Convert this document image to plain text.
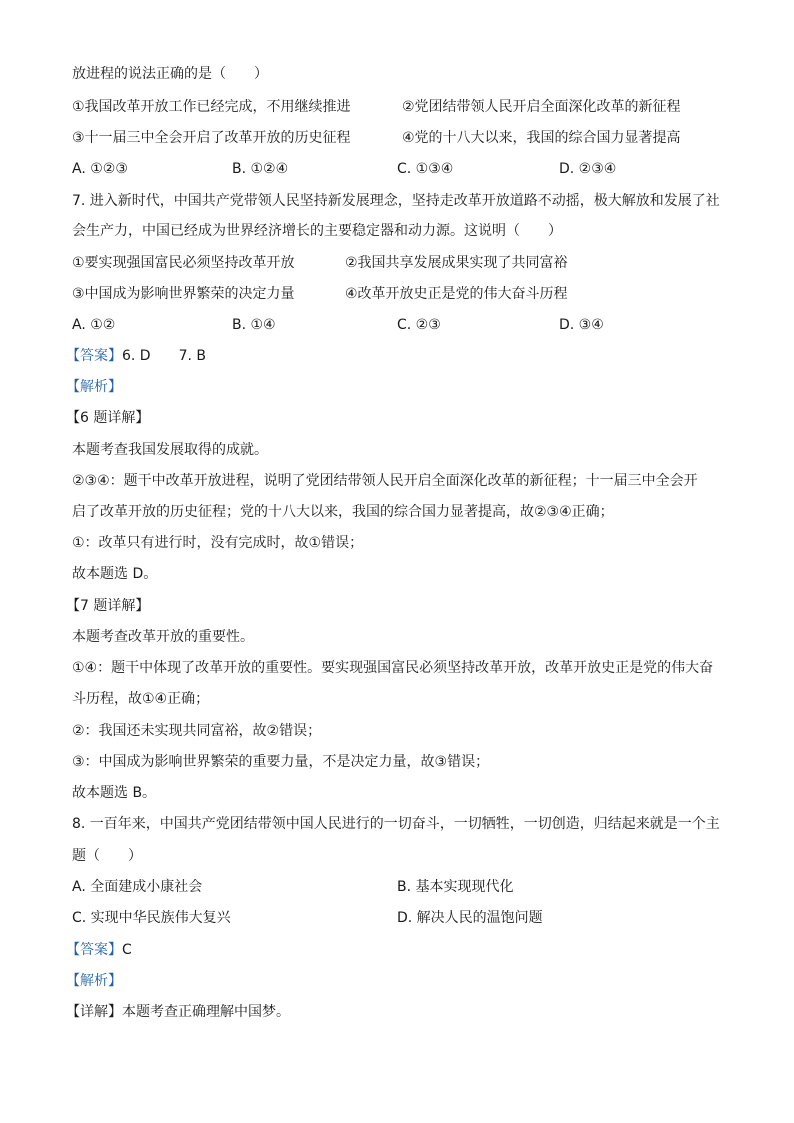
放进程的说法正确的是（　　）
①我国改革开放工作已经完成，不用继续推进	②党团结带领人民开启全面深化改革的新征程
③十一届三中全会开启了改革开放的历史征程	④党的十八大以来，我国的综合国力显著提高
A. ①②③	B. ①②④	C. ①③④	D. ②③④
7. 进入新时代，中国共产党带领人民坚持新发展理念，坚持走改革开放道路不动摇，极大解放和发展了社
会生产力，中国已经成为世界经济增长的主要稳定器和动力源。这说明（　　）
①要实现强国富民必须坚持改革开放	②我国共享发展成果实现了共同富裕
③中国成为影响世界繁荣的决定力量	④改革开放史正是党的伟大奋斗历程
A. ①②	B. ①④	C. ②③	D. ③④
【答案】6. D　　7. B
【解析】
【6 题详解】
本题考查我国发展取得的成就。
②③④：题干中改革开放进程，说明了党团结带领人民开启全面深化改革的新征程；十一届三中全会开
启了改革开放的历史征程；党的十八大以来，我国的综合国力显著提高，故②③④正确；
①：改革只有进行时，没有完成时，故①错误；
故本题选 D。
【7 题详解】
本题考查改革开放的重要性。
①④：题干中体现了改革开放的重要性。要实现强国富民必须坚持改革开放，改革开放史正是党的伟大奋
斗历程，故①④正确；
②：我国还未实现共同富裕，故②错误；
③：中国成为影响世界繁荣的重要力量，不是决定力量，故③错误；
故本题选 B。
8. 一百年来，中国共产党团结带领中国人民进行的一切奋斗，一切牺牲，一切创造，归结起来就是一个主
题（　　）
A. 全面建成小康社会	B. 基本实现现代化
C. 实现中华民族伟大复兴	D. 解决人民的温饱问题
【答案】C
【解析】
【详解】本题考查正确理解中国梦。
